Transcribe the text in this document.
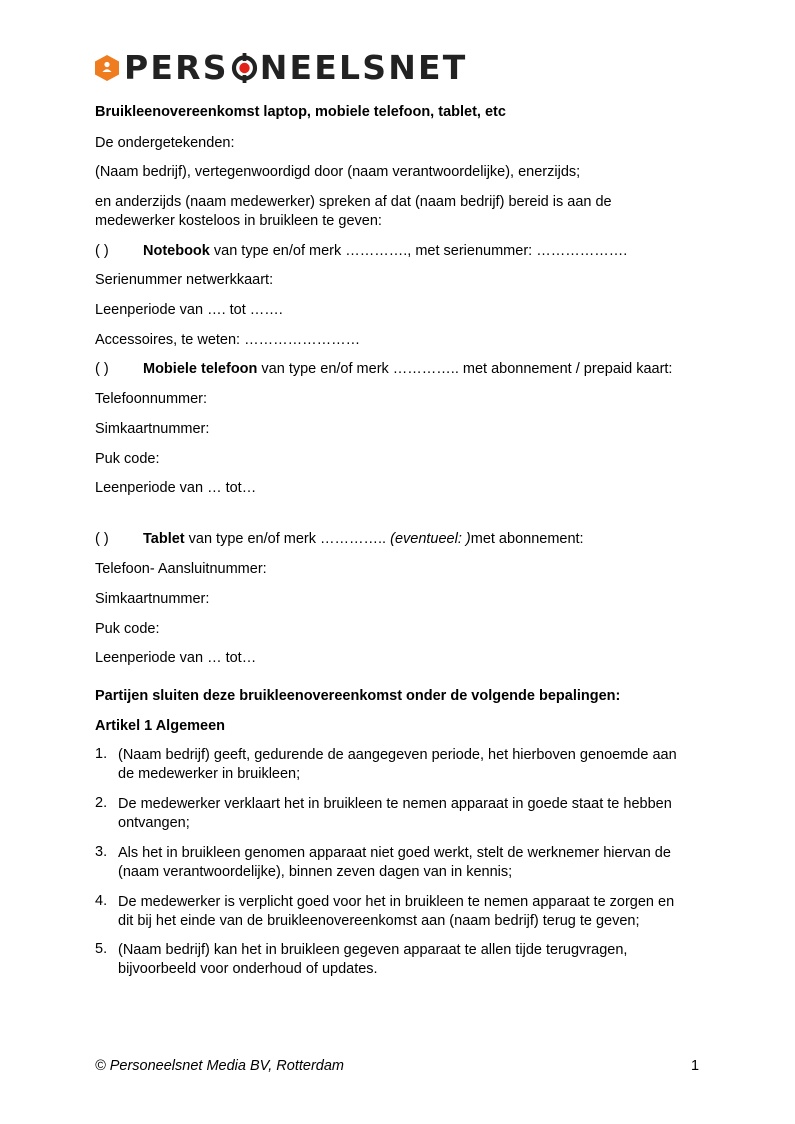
PERS NEELSNET
Bruikleenovereenkomst laptop, mobiele telefoon, tablet, etc
De ondergetekenden:
(Naam bedrijf), vertegenwoordigd door (naam verantwoordelijke), enerzijds;
en anderzijds (naam medewerker) spreken af dat (naam bedrijf) bereid is aan de
medewerker kosteloos in bruikleen te geven:
( ) Notebook van type en/of merk …………., met serienummer: ……………….
Serienummer netwerkkaart:
Leenperiode van …. tot …….
Accessoires, te weten: ……………………
( ) Mobiele telefoon van type en/of merk ………….. met abonnement / prepaid kaart:
Telefoonnummer:
Simkaartnummer:
Puk code:
Leenperiode van … tot…
( ) Tablet van type en/of merk ………….. (eventueel: )met abonnement:
Telefoon- Aansluitnummer:
Simkaartnummer:
Puk code:
Leenperiode van … tot…
Partijen sluiten deze bruikleenovereenkomst onder de volgende bepalingen:
Artikel 1 Algemeen
1. (Naam bedrijf) geeft, gedurende de aangegeven periode, het hierboven genoemde aan
de medewerker in bruikleen;
2. De medewerker verklaart het in bruikleen te nemen apparaat in goede staat te hebben
ontvangen;
3. Als het in bruikleen genomen apparaat niet goed werkt, stelt de werknemer hiervan de
(naam verantwoordelijke), binnen zeven dagen van in kennis;
4. De medewerker is verplicht goed voor het in bruikleen te nemen apparaat te zorgen en
dit bij het einde van de bruikleenovereenkomst aan (naam bedrijf) terug te geven;
5. (Naam bedrijf) kan het in bruikleen gegeven apparaat te allen tijde terugvragen,
bijvoorbeeld voor onderhoud of updates.
© Personeelsnet Media BV, Rotterdam	1
